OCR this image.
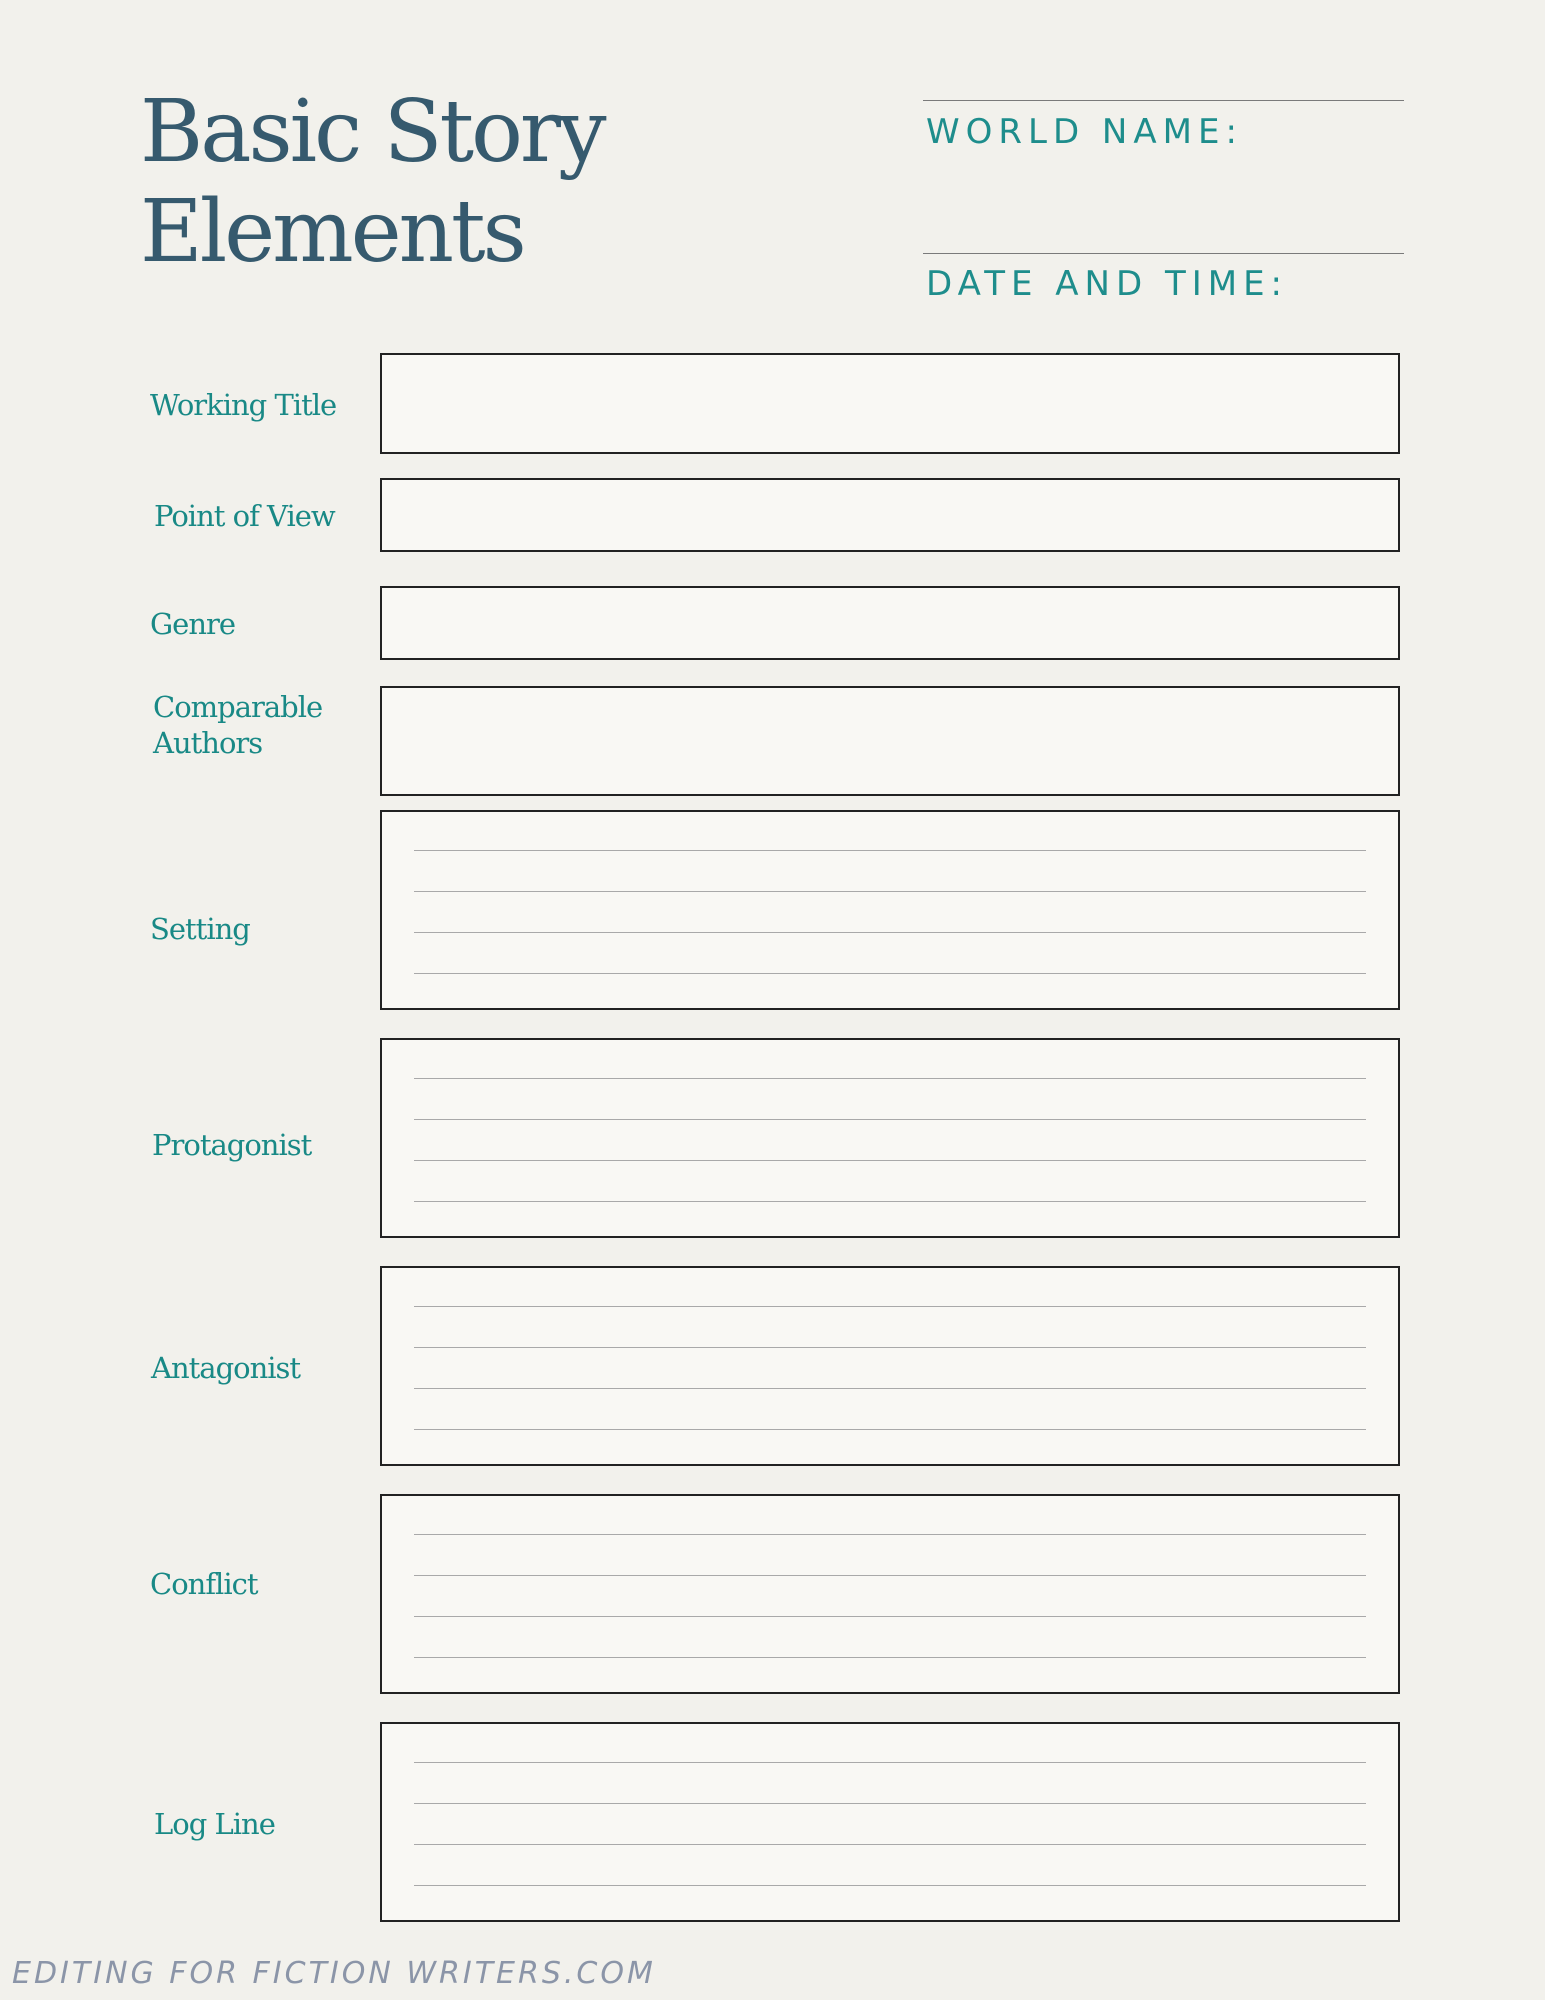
Basic Story
Elements
WORLD NAME:
DATE AND TIME:
Working Title
Point of View
Genre
Comparable
Authors
Setting
Protagonist
Antagonist
Conflict
Log Line
EDITING FOR FICTION WRITERS.COM
